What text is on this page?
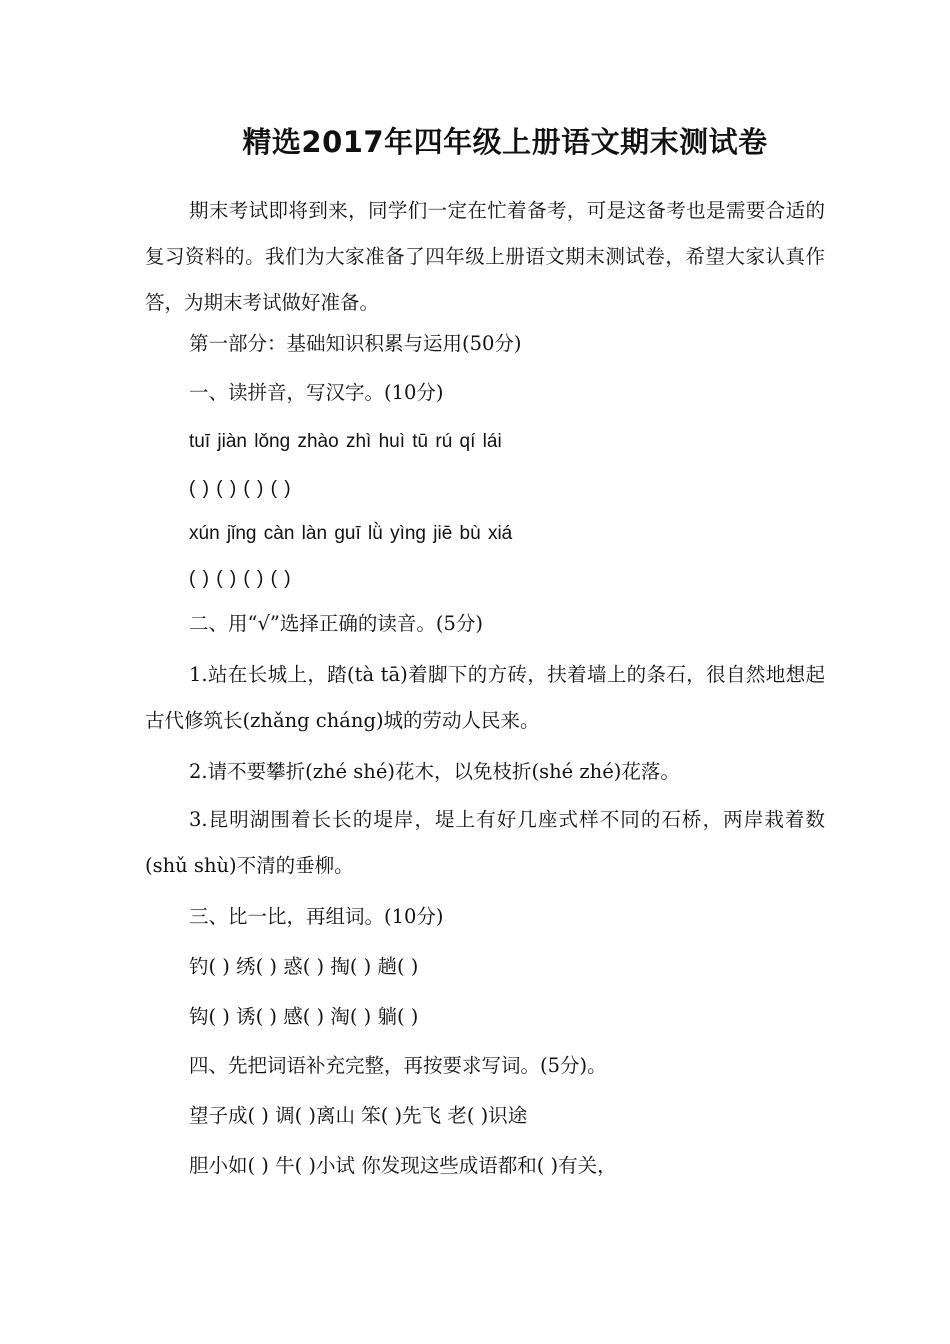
精选2017年四年级上册语文期末测试卷

期末考试即将到来，同学们一定在忙着备考，可是这备考也是需要合适的复习资料的。我们为大家准备了四年级上册语文期末测试卷，希望大家认真作答，为期末考试做好准备。

第一部分：基础知识积累与运用(50分)

一、读拼音，写汉字。(10分)

tuī jiàn lǒng zhào zhì huì tū rú qí lái

( ) ( ) ( ) ( )

xún jǐng càn làn guī lǜ yìng jiē bù xiá

( ) ( ) ( ) ( )

二、用“√”选择正确的读音。(5分)

1.站在长城上，踏(tà tā)着脚下的方砖，扶着墙上的条石，很自然地想起古代修筑长(zhǎng cháng)城的劳动人民来。

2.请不要攀折(zhé shé)花木，以免枝折(shé zhé)花落。

3.昆明湖围着长长的堤岸，堤上有好几座式样不同的石桥，两岸栽着数(shǔ shù)不清的垂柳。

三、比一比，再组词。(10分)

钓( ) 绣( ) 惑( ) 掏( ) 趟( )

钩( ) 诱( ) 感( ) 淘( ) 躺( )

四、先把词语补充完整，再按要求写词。(5分)。

望子成( ) 调( )离山 笨( )先飞 老( )识途

胆小如( ) 牛( )小试 你发现这些成语都和( )有关，
